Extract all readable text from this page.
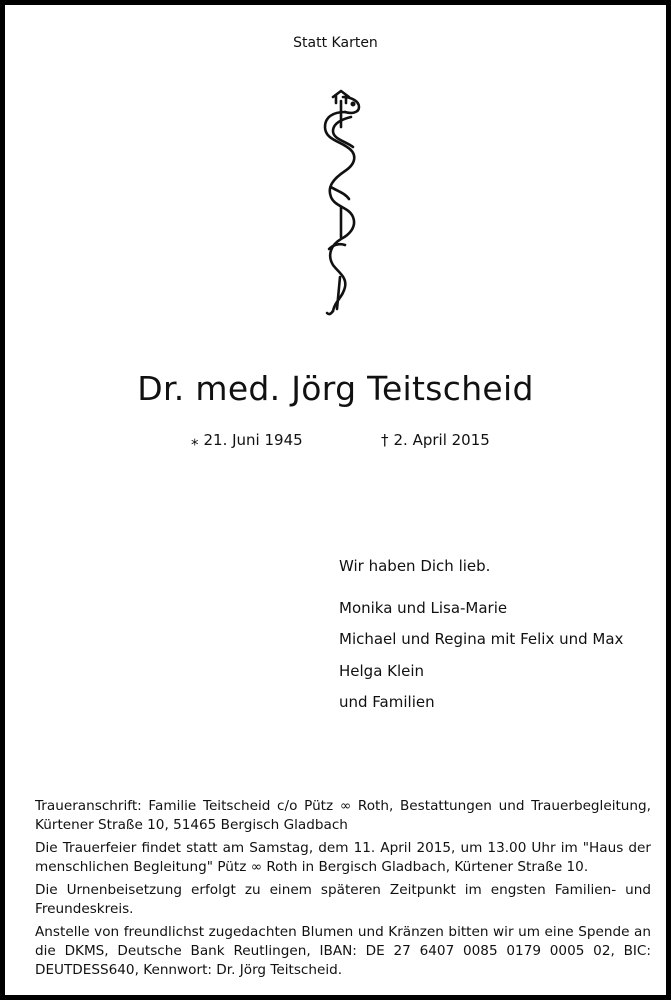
Statt Karten
Dr. med. Jörg Teitscheid
⁎ 21. Juni 1945	† 2. April 2015
Wir haben Dich lieb.
Monika und Lisa-Marie
Michael und Regina mit Felix und Max
Helga Klein
und Familien

Traueranschrift: Familie Teitscheid c/o Pütz ∞ Roth, Bestattungen und Trauerbegleitung, Kürtener Straße 10, 51465 Bergisch Gladbach

Die Trauerfeier findet statt am Samstag, dem 11. April 2015, um 13.00 Uhr im "Haus der menschlichen Begleitung" Pütz ∞ Roth in Bergisch Gladbach, Kürtener Straße 10.

Die Urnenbeisetzung erfolgt zu einem späteren Zeitpunkt im engsten Familien- und Freundeskreis.

Anstelle von freundlichst zugedachten Blumen und Kränzen bitten wir um eine Spende an die DKMS, Deutsche Bank Reutlingen, IBAN: DE 27 6407 0085 0179 0005 02, BIC: DEUTDESS640, Kennwort: Dr. Jörg Teitscheid.
